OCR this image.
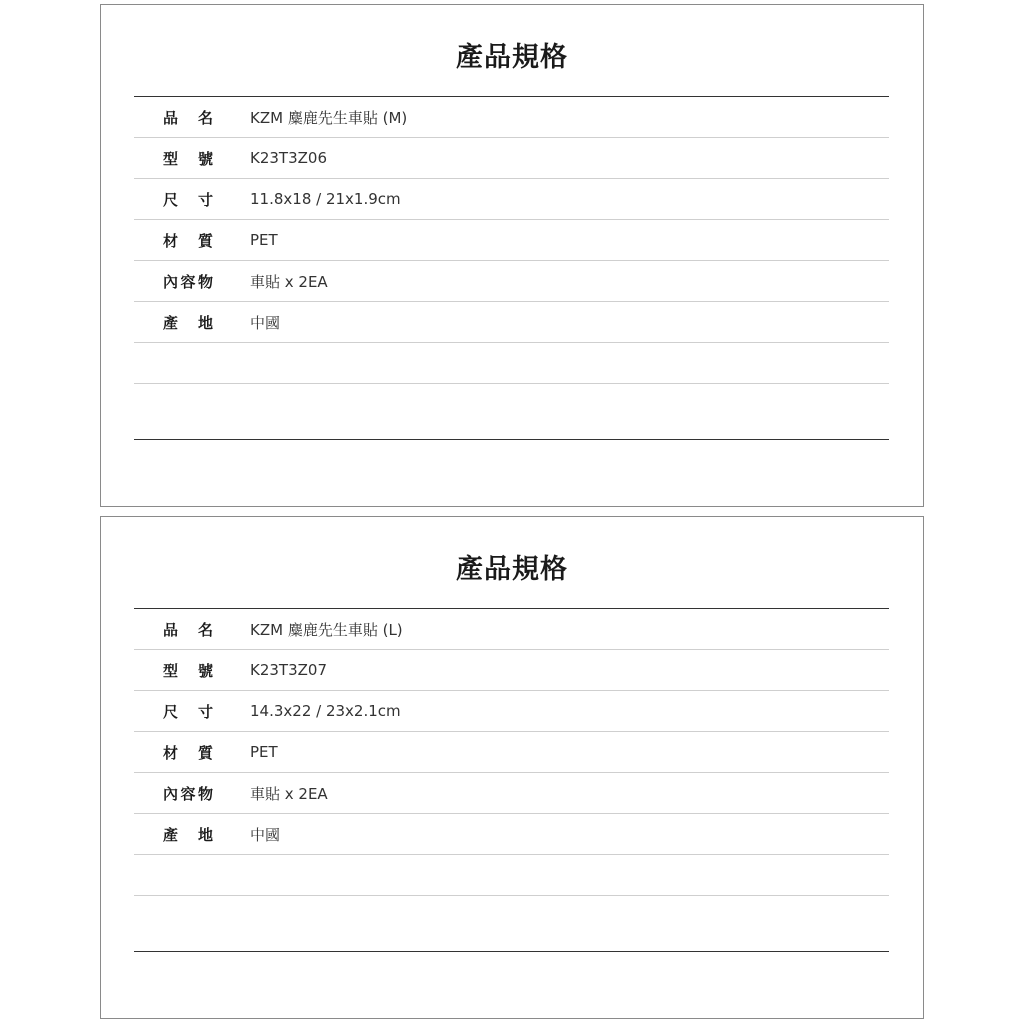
產品規格
品　名 KZM 麋鹿先生車貼 (M)
型　號 K23T3Z06
尺　寸 11.8x18 / 21x1.9cm
材　質 PET
內容物 車貼 x 2EA
產　地 中國
產品規格
品　名 KZM 麋鹿先生車貼 (L)
型　號 K23T3Z07
尺　寸 14.3x22 / 23x2.1cm
材　質 PET
內容物 車貼 x 2EA
產　地 中國
